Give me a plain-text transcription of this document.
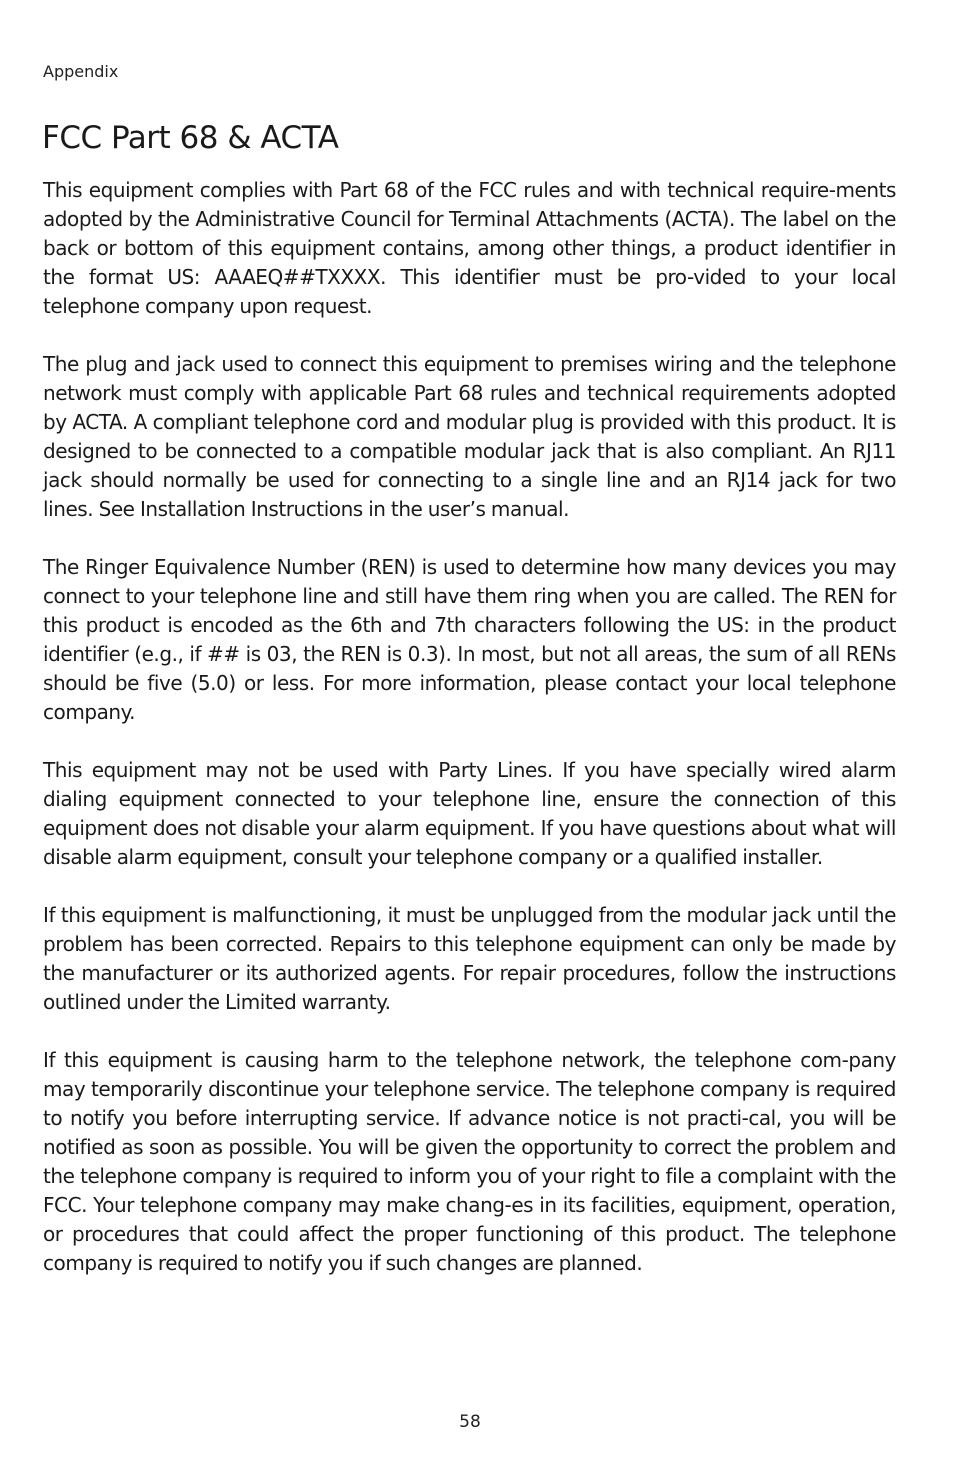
Appendix
FCC Part 68 & ACTA

This equipment complies with Part 68 of the FCC rules and with technical require-ments adopted by the Administrative Council for Terminal Attachments (ACTA). The label on the back or bottom of this equipment contains, among other things, a product identifier in the format US: AAAEQ##TXXXX. This identifier must be pro-vided to your local telephone company upon request.

The plug and jack used to connect this equipment to premises wiring and the telephone network must comply with applicable Part 68 rules and technical requirements adopted by ACTA. A compliant telephone cord and modular plug is provided with this product. It is designed to be connected to a compatible modular jack that is also compliant. An RJ11 jack should normally be used for connecting to a single line and an RJ14 jack for two lines. See Installation Instructions in the user’s manual.

The Ringer Equivalence Number (REN) is used to determine how many devices you may connect to your telephone line and still have them ring when you are called. The REN for this product is encoded as the 6th and 7th characters following the US: in the product identifier (e.g., if ## is 03, the REN is 0.3). In most, but not all areas, the sum of all RENs should be five (5.0) or less. For more information, please contact your local telephone company.

This equipment may not be used with Party Lines. If you have specially wired alarm dialing equipment connected to your telephone line, ensure the connection of this equipment does not disable your alarm equipment. If you have questions about what will disable alarm equipment, consult your telephone company or a qualified installer.

If this equipment is malfunctioning, it must be unplugged from the modular jack until the problem has been corrected. Repairs to this telephone equipment can only be made by the manufacturer or its authorized agents. For repair procedures, follow the instructions outlined under the Limited warranty.

If this equipment is causing harm to the telephone network, the telephone com-pany may temporarily discontinue your telephone service. The telephone company is required to notify you before interrupting service. If advance notice is not practi-cal, you will be notified as soon as possible. You will be given the opportunity to correct the problem and the telephone company is required to inform you of your right to file a complaint with the FCC. Your telephone company may make chang-es in its facilities, equipment, operation, or procedures that could affect the proper functioning of this product. The telephone company is required to notify you if such changes are planned.

58
